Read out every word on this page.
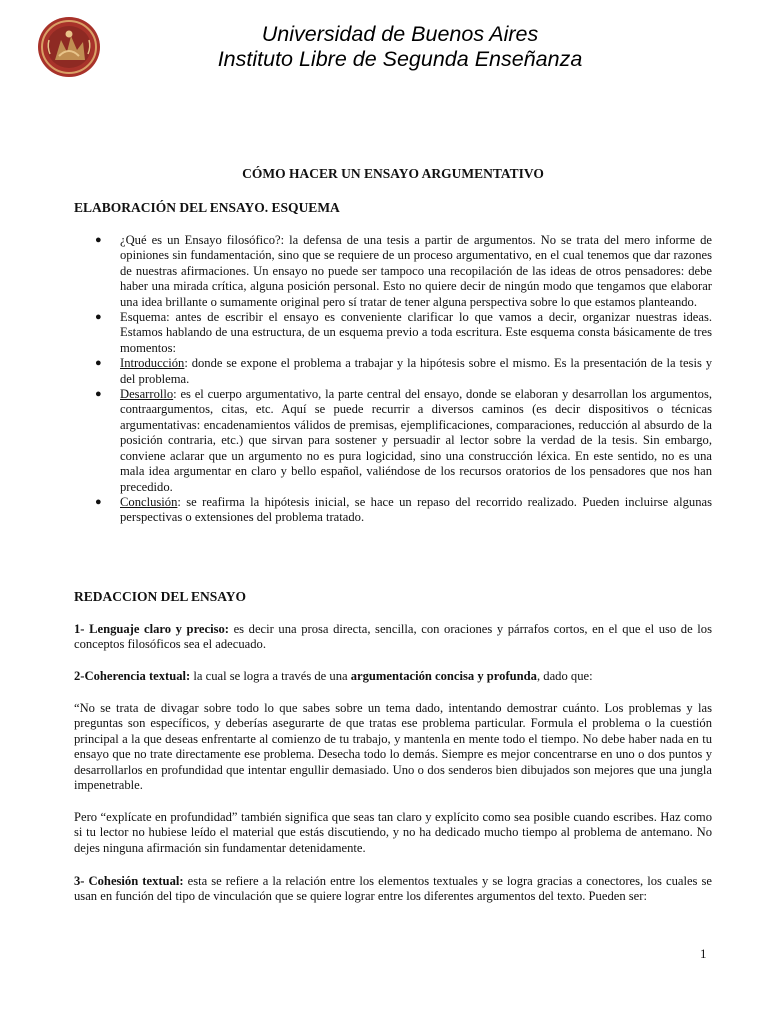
Universidad de Buenos Aires
Instituto Libre de Segunda Enseñanza
CÓMO HACER UN ENSAYO ARGUMENTATIVO
ELABORACIÓN DEL ENSAYO. ESQUEMA
● ¿Qué es un Ensayo filosófico?: la defensa de una tesis a partir de argumentos. No se trata del mero informe de opiniones sin fundamentación, sino que se requiere de un proceso argumentativo, en el cual tenemos que dar razones de nuestras afirmaciones. Un ensayo no puede ser tampoco una recopilación de las ideas de otros pensadores: debe haber una mirada crítica, alguna posición personal. Esto no quiere decir de ningún modo que tengamos que elaborar una idea brillante o sumamente original pero sí tratar de tener alguna perspectiva sobre lo que estamos planteando.
● Esquema: antes de escribir el ensayo es conveniente clarificar lo que vamos a decir, organizar nuestras ideas. Estamos hablando de una estructura, de un esquema previo a toda escritura. Este esquema consta básicamente de tres momentos:
● Introducción: donde se expone el problema a trabajar y la hipótesis sobre el mismo. Es la presentación de la tesis y del problema.
● Desarrollo: es el cuerpo argumentativo, la parte central del ensayo, donde se elaboran y desarrollan los argumentos, contraargumentos, citas, etc. Aquí se puede recurrir a diversos caminos (es decir dispositivos o técnicas argumentativas: encadenamientos válidos de premisas, ejemplificaciones, comparaciones, reducción al absurdo de la posición contraria, etc.) que sirvan para sostener y persuadir al lector sobre la verdad de la tesis. Sin embargo, conviene aclarar que un argumento no es pura logicidad, sino una construcción léxica. En este sentido, no es una mala idea argumentar en claro y bello español, valiéndose de los recursos oratorios de los pensadores que nos han precedido.
● Conclusión: se reafirma la hipótesis inicial, se hace un repaso del recorrido realizado. Pueden incluirse algunas perspectivas o extensiones del problema tratado.
REDACCION DEL ENSAYO
1- Lenguaje claro y preciso: es decir una prosa directa, sencilla, con oraciones y párrafos cortos, en el que el uso de los conceptos filosóficos sea el adecuado.
2-Coherencia textual: la cual se logra a través de una argumentación concisa y profunda, dado que:
“No se trata de divagar sobre todo lo que sabes sobre un tema dado, intentando demostrar cuánto. Los problemas y las preguntas son específicos, y deberías asegurarte de que tratas ese problema particular. Formula el problema o la cuestión principal a la que deseas enfrentarte al comienzo de tu trabajo, y mantenla en mente todo el tiempo. No debe haber nada en tu ensayo que no trate directamente ese problema. Desecha todo lo demás. Siempre es mejor concentrarse en uno o dos puntos y desarrollarlos en profundidad que intentar engullir demasiado. Uno o dos senderos bien dibujados son mejores que una jungla impenetrable.
Pero “explícate en profundidad” también significa que seas tan claro y explícito como sea posible cuando escribes. Haz como si tu lector no hubiese leído el material que estás discutiendo, y no ha dedicado mucho tiempo al problema de antemano. No dejes ninguna afirmación sin fundamentar detenidamente.
3- Cohesión textual: esta se refiere a la relación entre los elementos textuales y se logra gracias a conectores, los cuales se usan en función del tipo de vinculación que se quiere lograr entre los diferentes argumentos del texto. Pueden ser:
1
